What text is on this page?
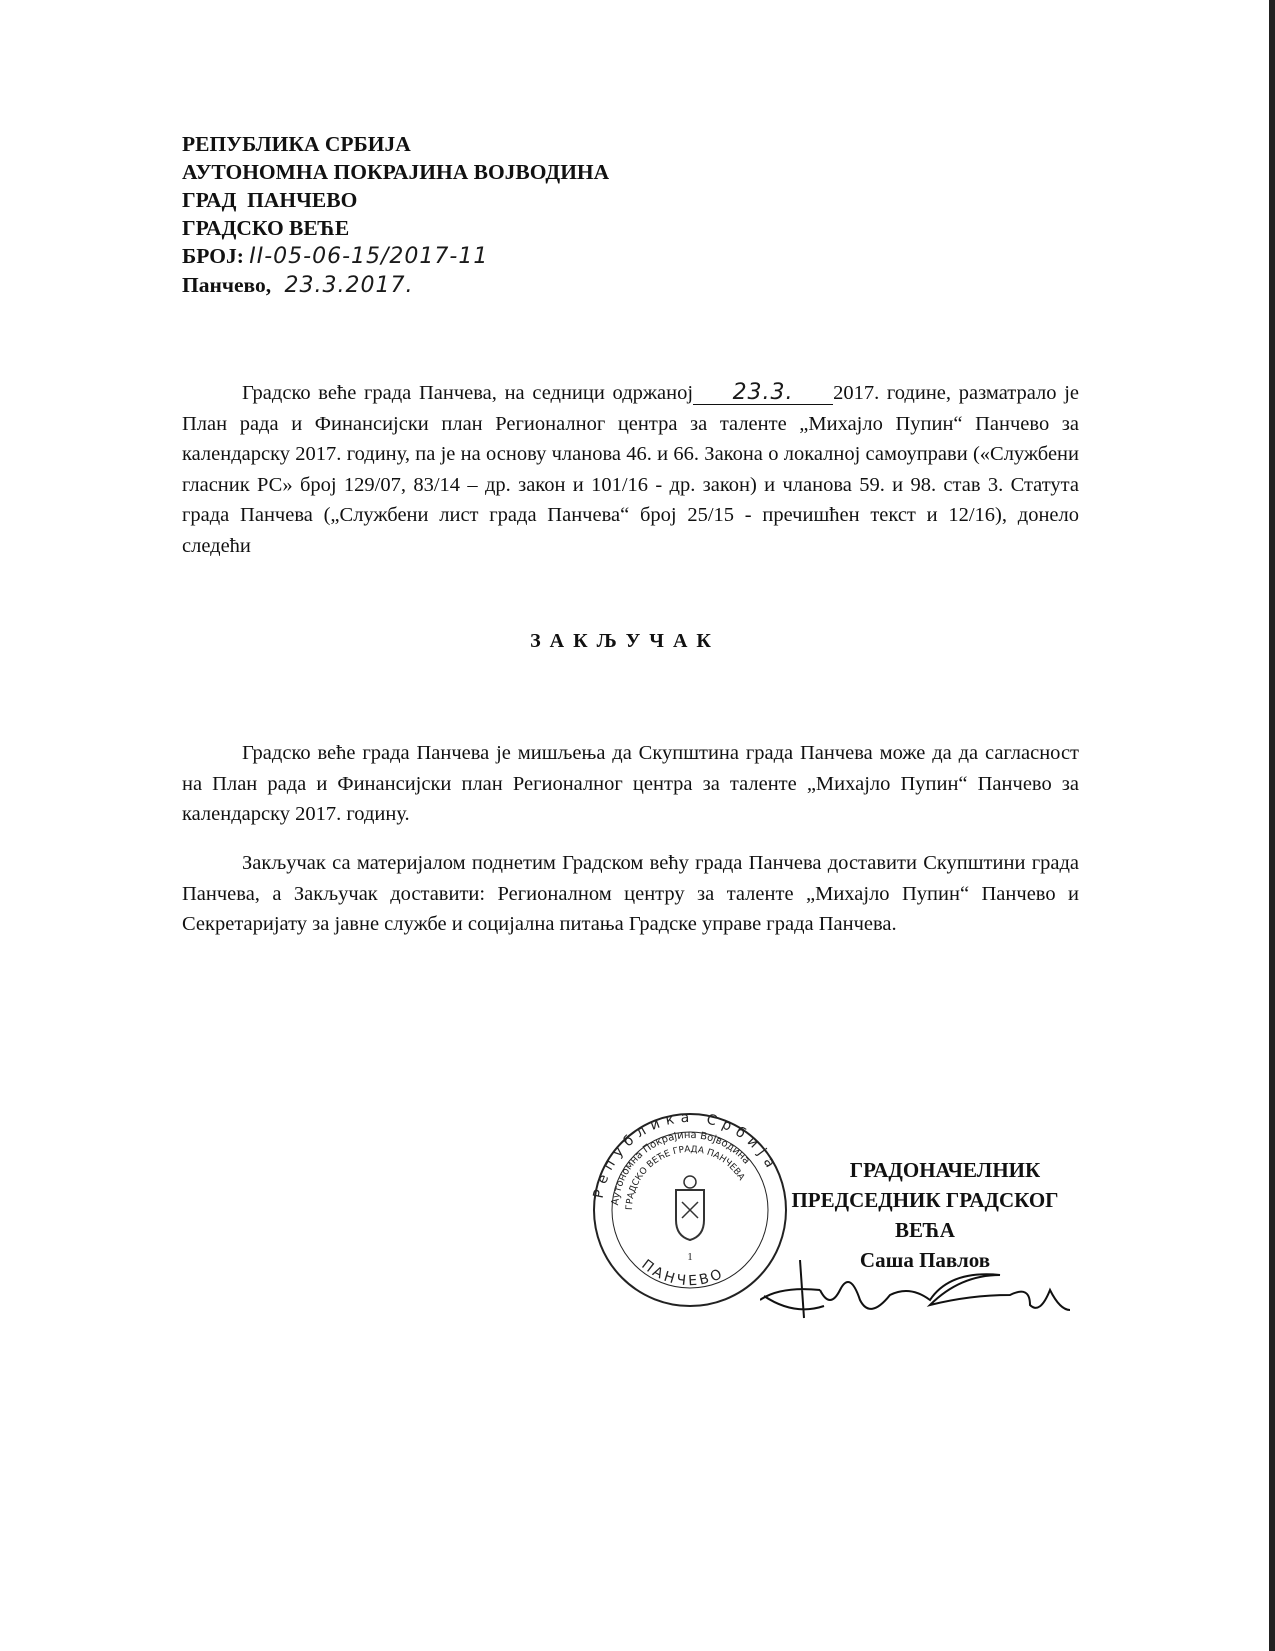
РЕПУБЛИКА СРБИЈА
АУТОНОМНА ПОКРАЈИНА ВОЈВОДИНА
ГРАД  ПАНЧЕВО
ГРАДСКО ВЕЋЕ
БРОЈ: II-05-06-15/2017-11
Панчево, 23.3.2017.
Градско веће града Панчева, на седници одржаној 23.3. 2017. године, разматрало је План рада и Финансијски план Регионалног центра за таленте „Михајло Пупин“ Панчево за календарску 2017. годину, па је на основу чланова 46. и 66. Закона о локалној самоуправи («Службени гласник РС» број 129/07, 83/14 – др. закон и 101/16 - др. закон) и чланова 59. и 98. став 3. Статута града Панчева („Службени лист града Панчева“ број 25/15 - пречишћен текст и 12/16), донело следећи
ЗАКЉУЧАК
Градско веће града Панчева је мишљења да Скупштина града Панчева може да да сагласност на План рада и Финансијски план Регионалног центра за таленте „Михајло Пупин“ Панчево за календарску 2017. годину.
Закључак са материјалом поднетим Градском већу града Панчева доставити Скупштини града Панчева, а Закључак доставити: Регионалном центру за таленте „Михајло Пупин“ Панчево и Секретаријату за јавне службе и социјална питања Градске управе града Панчева.
Република Србија
Аутономна Покрајина Војводина
ГРАДСКО ВЕЋЕ ГРАДА ПАНЧЕВА
ПАНЧЕВО
1
ГРАДОНАЧЕЛНИК
ПРЕДСЕДНИК ГРАДСКОГ ВЕЋА
Саша Павлов
